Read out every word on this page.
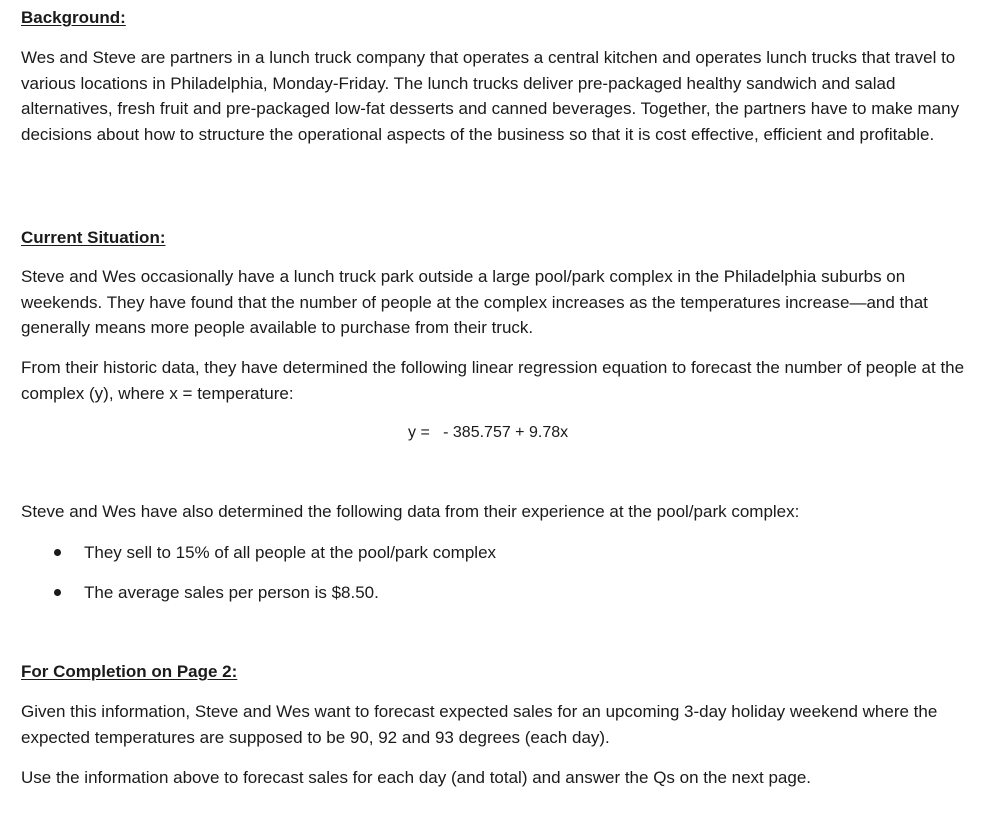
Background:

Wes and Steve are partners in a lunch truck company that operates a central kitchen and operates lunch trucks that travel to various locations in Philadelphia, Monday-Friday. The lunch trucks deliver pre-packaged healthy sandwich and salad alternatives, fresh fruit and pre-packaged low-fat desserts and canned beverages. Together, the partners have to make many decisions about how to structure the operational aspects of the business so that it is cost effective, efficient and profitable.

Current Situation:

Steve and Wes occasionally have a lunch truck park outside a large pool/park complex in the Philadelphia suburbs on weekends. They have found that the number of people at the complex increases as the temperatures increase—and that generally means more people available to purchase from their truck.

From their historic data, they have determined the following linear regression equation to forecast the number of people at the complex (y), where x = temperature:

y =   - 385.757 + 9.78x

Steve and Wes have also determined the following data from their experience at the pool/park complex:

They sell to 15% of all people at the pool/park complex
The average sales per person is $8.50.

For Completion on Page 2:

Given this information, Steve and Wes want to forecast expected sales for an upcoming 3-day holiday weekend where the expected temperatures are supposed to be 90, 92 and 93 degrees (each day).

Use the information above to forecast sales for each day (and total) and answer the Qs on the next page.
